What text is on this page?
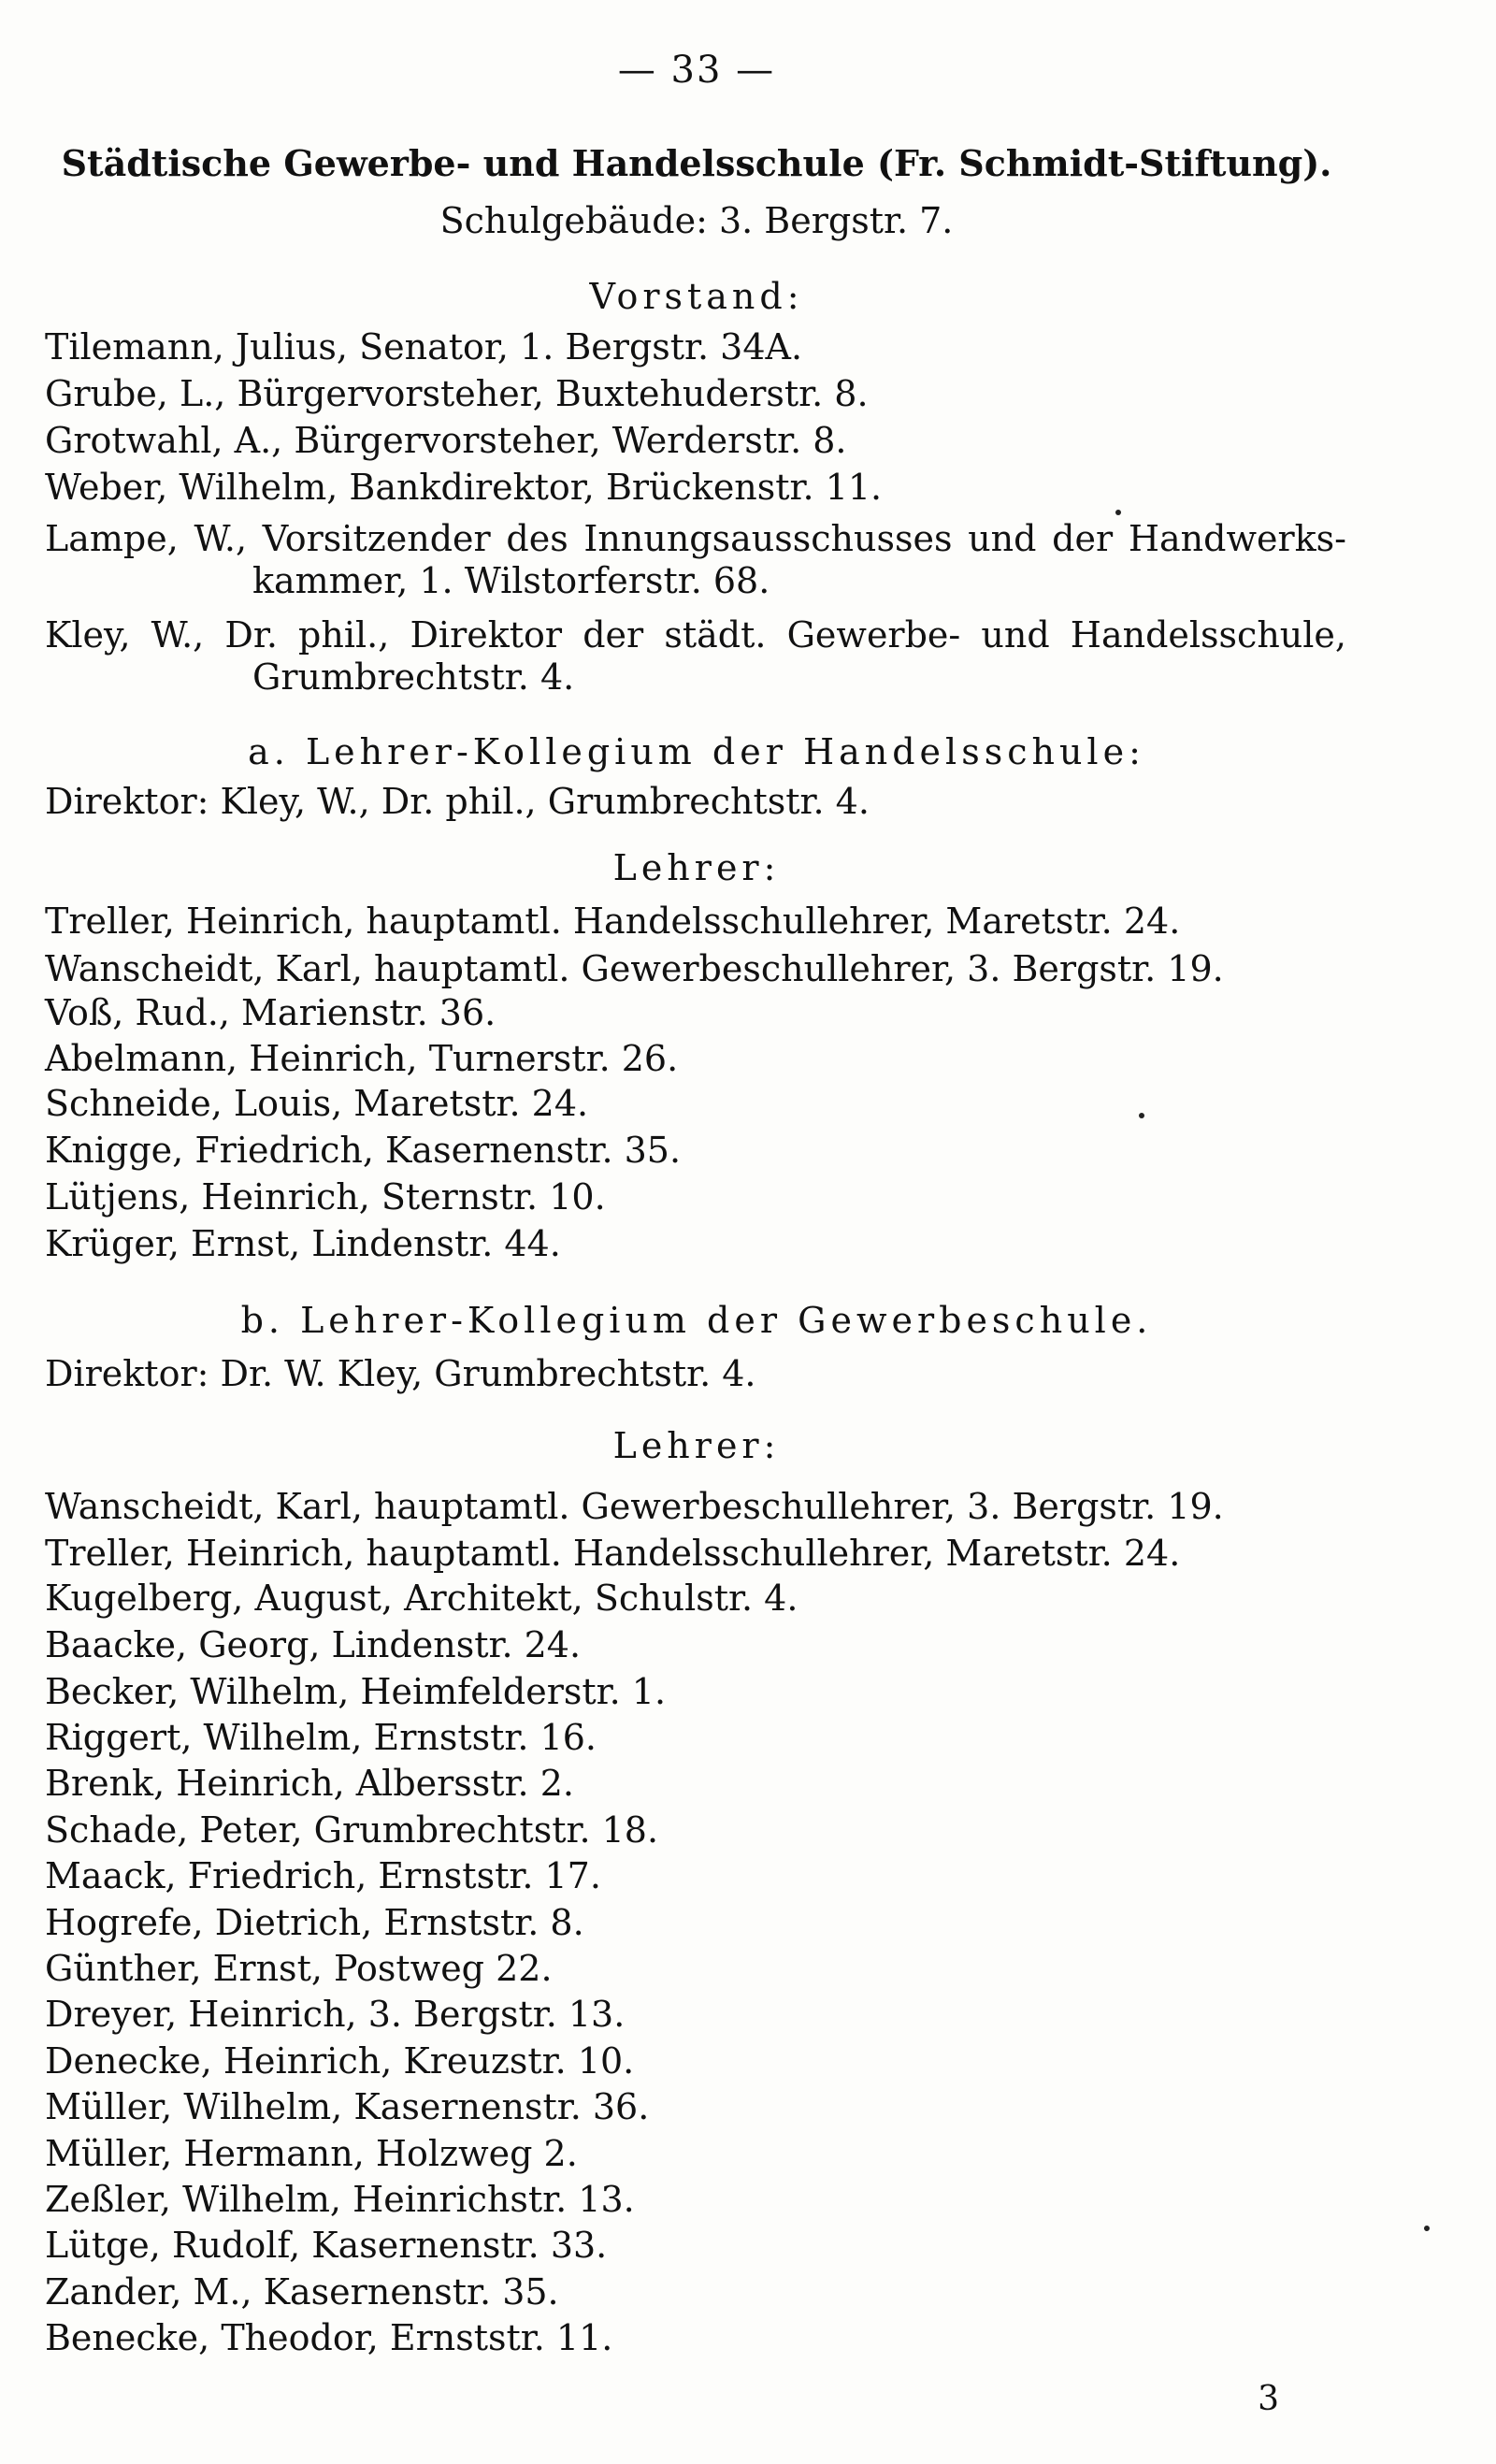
— 33 —
Städtische Gewerbe- und Handelsschule (Fr. Schmidt-Stiftung).
Schulgebäude: 3. Bergstr. 7.
Vorstand:
Tilemann, Julius, Senator, 1. Bergstr. 34A.
Grube, L., Bürgervorsteher, Buxtehuderstr. 8.
Grotwahl, A., Bürgervorsteher, Werderstr. 8.
Weber, Wilhelm, Bankdirektor, Brückenstr. 11.
Lampe, W., Vorsitzender des Innungsausschusses und der Handwerks-
kammer, 1. Wilstorferstr. 68.
Kley, W., Dr. phil., Direktor der städt. Gewerbe- und Handelsschule,
Grumbrechtstr. 4.
a. Lehrer-Kollegium der Handelsschule:
Direktor: Kley, W., Dr. phil., Grumbrechtstr. 4.
Lehrer:
Treller, Heinrich, hauptamtl. Handelsschullehrer, Maretstr. 24.
Wanscheidt, Karl, hauptamtl. Gewerbeschullehrer, 3. Bergstr. 19.
Voß, Rud., Marienstr. 36.
Abelmann, Heinrich, Turnerstr. 26.
Schneide, Louis, Maretstr. 24.
Knigge, Friedrich, Kasernenstr. 35.
Lütjens, Heinrich, Sternstr. 10.
Krüger, Ernst, Lindenstr. 44.
b. Lehrer-Kollegium der Gewerbeschule.
Direktor: Dr. W. Kley, Grumbrechtstr. 4.
Lehrer:
Wanscheidt, Karl, hauptamtl. Gewerbeschullehrer, 3. Bergstr. 19.
Treller, Heinrich, hauptamtl. Handelsschullehrer, Maretstr. 24.
Kugelberg, August, Architekt, Schulstr. 4.
Baacke, Georg, Lindenstr. 24.
Becker, Wilhelm, Heimfelderstr. 1.
Riggert, Wilhelm, Ernststr. 16.
Brenk, Heinrich, Albersstr. 2.
Schade, Peter, Grumbrechtstr. 18.
Maack, Friedrich, Ernststr. 17.
Hogrefe, Dietrich, Ernststr. 8.
Günther, Ernst, Postweg 22.
Dreyer, Heinrich, 3. Bergstr. 13.
Denecke, Heinrich, Kreuzstr. 10.
Müller, Wilhelm, Kasernenstr. 36.
Müller, Hermann, Holzweg 2.
Zeßler, Wilhelm, Heinrichstr. 13.
Lütge, Rudolf, Kasernenstr. 33.
Zander, M., Kasernenstr. 35.
Benecke, Theodor, Ernststr. 11.
3
